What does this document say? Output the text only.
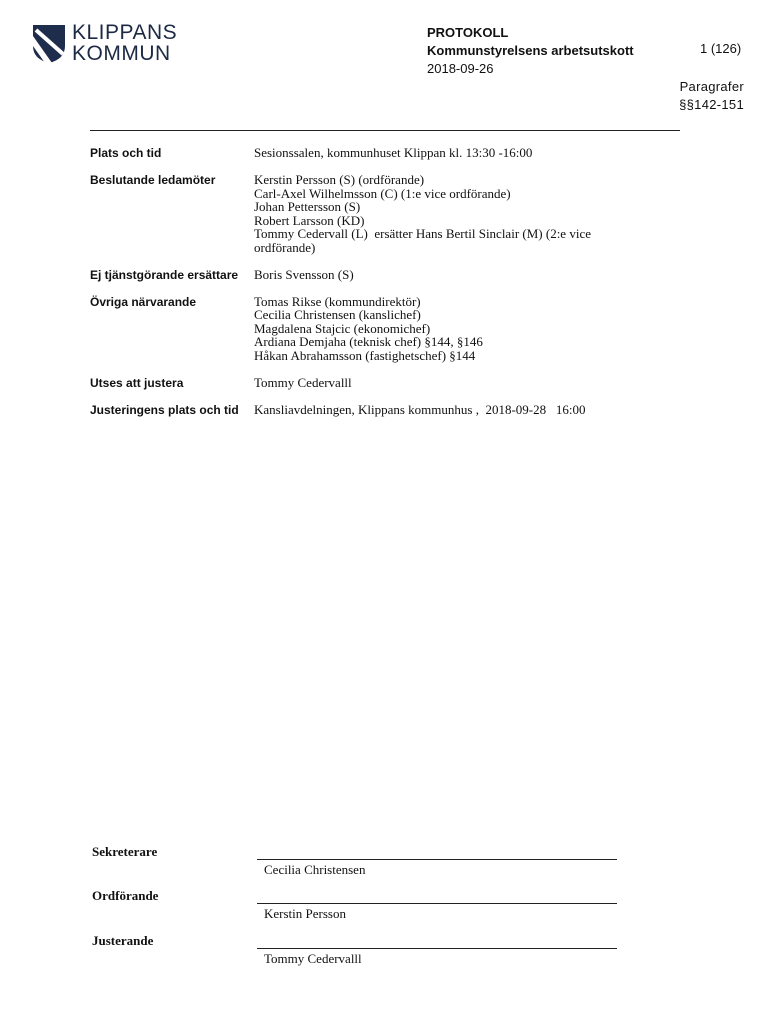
KLIPPANS
KOMMUN
PROTOKOLL
Kommunstyrelsens arbetsutskott
2018-09-26
1 (126)
Paragrafer
§§142-151
Plats och tid	Sesionssalen, kommunhuset Klippan kl. 13:30 -16:00
Beslutande ledamöter	Kerstin Persson (S) (ordförande)
Carl-Axel Wilhelmsson (C) (1:e vice ordförande)
Johan Pettersson (S)
Robert Larsson (KD)
Tommy Cedervall (L)  ersätter Hans Bertil Sinclair (M) (2:e vice
ordförande)
Ej tjänstgörande ersättare	Boris Svensson (S)
Övriga närvarande	Tomas Rikse (kommundirektör)
Cecilia Christensen (kanslichef)
Magdalena Stajcic (ekonomichef)
Ardiana Demjaha (teknisk chef) §144, §146
Håkan Abrahamsson (fastighetschef) §144
Utses att justera	Tommy Cedervalll
Justeringens plats och tid	Kansliavdelningen, Klippans kommunhus ,  2018-09-28   16:00
Sekreterare
Cecilia Christensen
Ordförande
Kerstin Persson
Justerande
Tommy Cedervalll
